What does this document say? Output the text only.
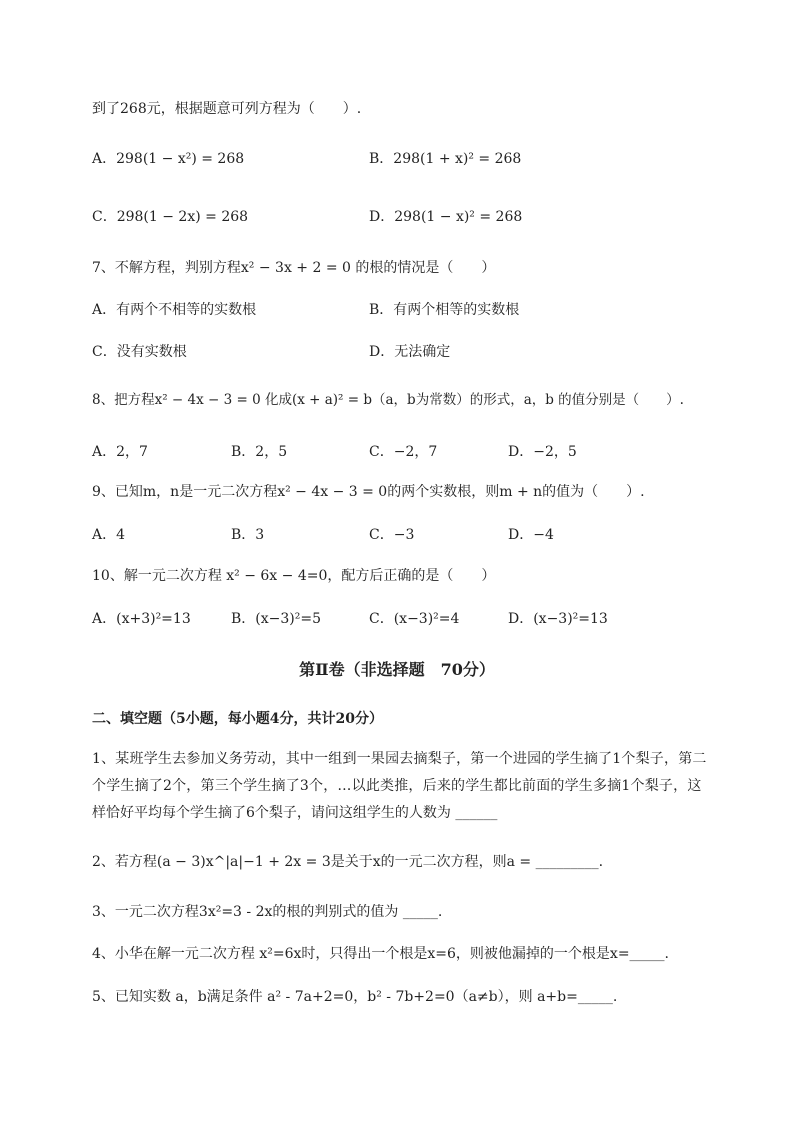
到了268元，根据题意可列方程为（　　）.
A．298(1 − x²) = 268	B．298(1 + x)² = 268
C．298(1 − 2x) = 268	D．298(1 − x)² = 268
7、不解方程，判别方程x² − 3x + 2 = 0 的根的情况是（　　）
A．有两个不相等的实数根	B．有两个相等的实数根
C．没有实数根	D．无法确定
8、把方程x² − 4x − 3 = 0 化成(x + a)² = b（a，b为常数）的形式，a，b 的值分别是（　　）.
A．2，7	B．2，5	C．−2，7	D．−2，5
9、已知m，n是一元二次方程x² − 4x − 3 = 0的两个实数根，则m + n的值为（　　）.
A．4	B．3	C．−3	D．−4
10、解一元二次方程 x² − 6x − 4=0，配方后正确的是（　　）
A．(x+3)²=13	B．(x−3)²=5	C．(x−3)²=4	D．(x−3)²=13
第Ⅱ卷（非选择题　70分）
二、填空题（5小题，每小题4分，共计20分）
1、某班学生去参加义务劳动，其中一组到一果园去摘梨子，第一个进园的学生摘了1个梨子，第二
个学生摘了2个，第三个学生摘了3个，…以此类推，后来的学生都比前面的学生多摘1个梨子，这
样恰好平均每个学生摘了6个梨子，请问这组学生的人数为 ______
2、若方程(a − 3)x^|a|−1 + 2x = 3是关于x的一元二次方程，则a = _________.
3、一元二次方程3x²=3 - 2x的根的判别式的值为 _____.
4、小华在解一元二次方程 x²=6x时，只得出一个根是x=6，则被他漏掉的一个根是x=_____.
5、已知实数 a，b满足条件 a² - 7a+2=0，b² - 7b+2=0（a≠b），则 a+b=_____.
